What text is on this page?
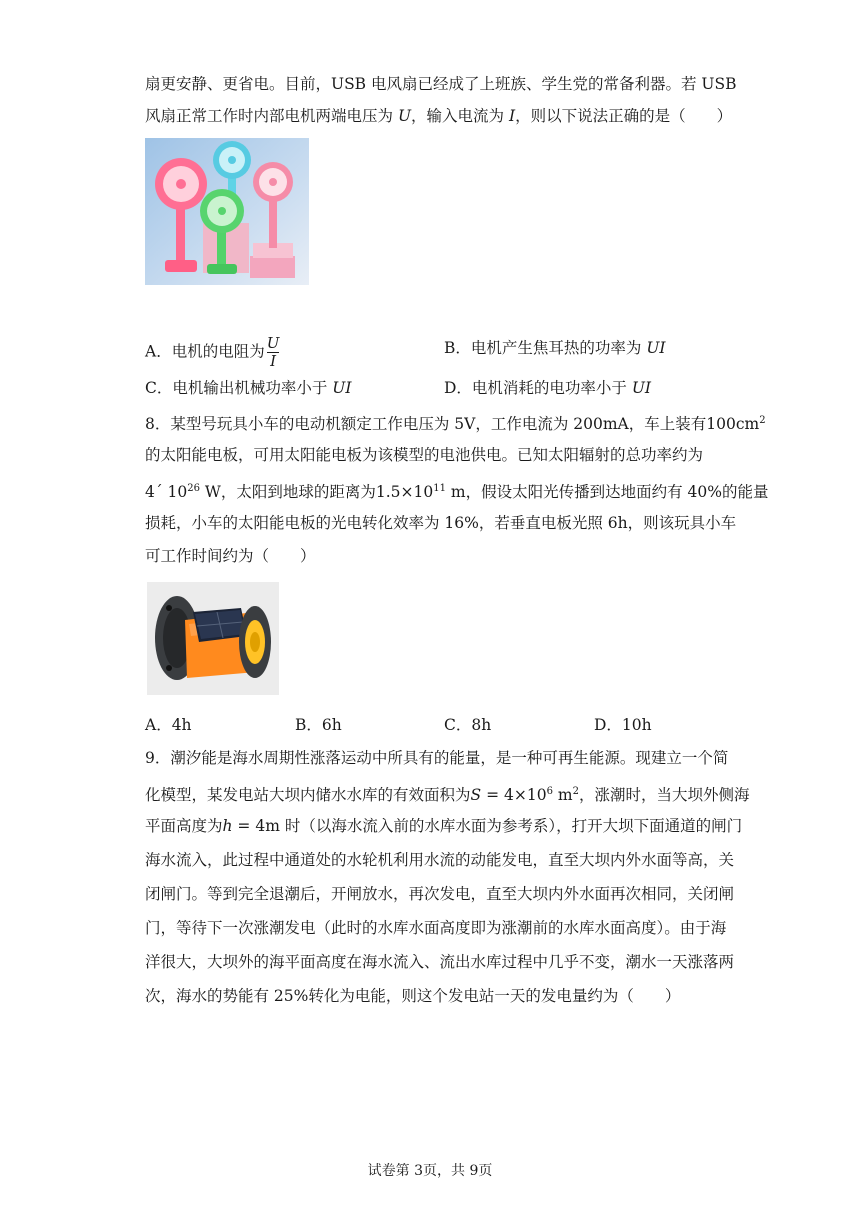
扇更安静、更省电。目前，USB 电风扇已经成了上班族、学生党的常备利器。若 USB
风扇正常工作时内部电机两端电压为 U，输入电流为 I，则以下说法正确的是（　　）
A．电机的电阻为 $\frac{U}{I}$	B．电机产生焦耳热的功率为 UI
C．电机输出机械功率小于 UI	D．电机消耗的电功率小于 UI
8．某型号玩具小车的电动机额定工作电压为 5V，工作电流为 200mA，车上装有$100cm^2$
的太阳能电板，可用太阳能电板为该模型的电池供电。已知太阳辐射的总功率约为
4´ $10^{26}$ W，太阳到地球的距离为$1.5\times 10^{11}$ m，假设太阳光传播到达地面约有 40%的能量
损耗，小车的太阳能电板的光电转化效率为 16%，若垂直电板光照 6h，则该玩具小车
可工作时间约为（　　）
A．4h	B．6h	C．8h	D．10h
9．潮汐能是海水周期性涨落运动中所具有的能量，是一种可再生能源。现建立一个简
化模型，某发电站大坝内储水水库的有效面积为$S = 4\times 10^6$ $m^2$，涨潮时，当大坝外侧海
平面高度为h = 4m 时（以海水流入前的水库水面为参考系），打开大坝下面通道的闸门
海水流入，此过程中通道处的水轮机利用水流的动能发电，直至大坝内外水面等高，关
闭闸门。等到完全退潮后，开闸放水，再次发电，直至大坝内外水面再次相同，关闭闸
门，等待下一次涨潮发电（此时的水库水面高度即为涨潮前的水库水面高度）。由于海
洋很大，大坝外的海平面高度在海水流入、流出水库过程中几乎不变，潮水一天涨落两
次，海水的势能有 25%转化为电能，则这个发电站一天的发电量约为（　　）
试卷第 3页，共 9页
